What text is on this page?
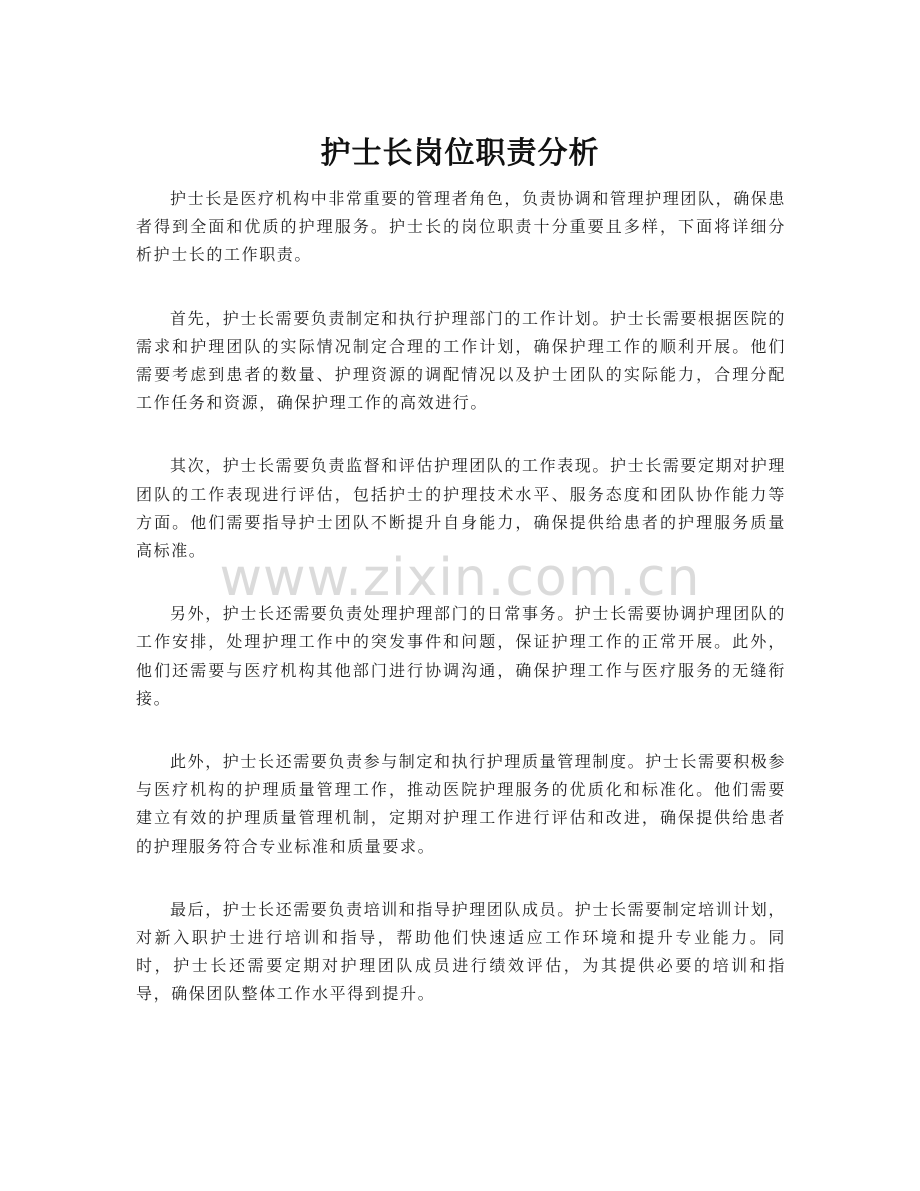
护士长岗位职责分析

护士长是医疗机构中非常重要的管理者角色，负责协调和管理护理团队，确保患者得到全面和优质的护理服务。护士长的岗位职责十分重要且多样，下面将详细分析护士长的工作职责。

首先，护士长需要负责制定和执行护理部门的工作计划。护士长需要根据医院的需求和护理团队的实际情况制定合理的工作计划，确保护理工作的顺利开展。他们需要考虑到患者的数量、护理资源的调配情况以及护士团队的实际能力，合理分配工作任务和资源，确保护理工作的高效进行。

其次，护士长需要负责监督和评估护理团队的工作表现。护士长需要定期对护理团队的工作表现进行评估，包括护士的护理技术水平、服务态度和团队协作能力等方面。他们需要指导护士团队不断提升自身能力，确保提供给患者的护理服务质量高标准。

另外，护士长还需要负责处理护理部门的日常事务。护士长需要协调护理团队的工作安排，处理护理工作中的突发事件和问题，保证护理工作的正常开展。此外，他们还需要与医疗机构其他部门进行协调沟通，确保护理工作与医疗服务的无缝衔接。

此外，护士长还需要负责参与制定和执行护理质量管理制度。护士长需要积极参与医疗机构的护理质量管理工作，推动医院护理服务的优质化和标准化。他们需要建立有效的护理质量管理机制，定期对护理工作进行评估和改进，确保提供给患者的护理服务符合专业标准和质量要求。

最后，护士长还需要负责培训和指导护理团队成员。护士长需要制定培训计划，对新入职护士进行培训和指导，帮助他们快速适应工作环境和提升专业能力。同时，护士长还需要定期对护理团队成员进行绩效评估，为其提供必要的培训和指导，确保团队整体工作水平得到提升。

www.zixin.com.cn
